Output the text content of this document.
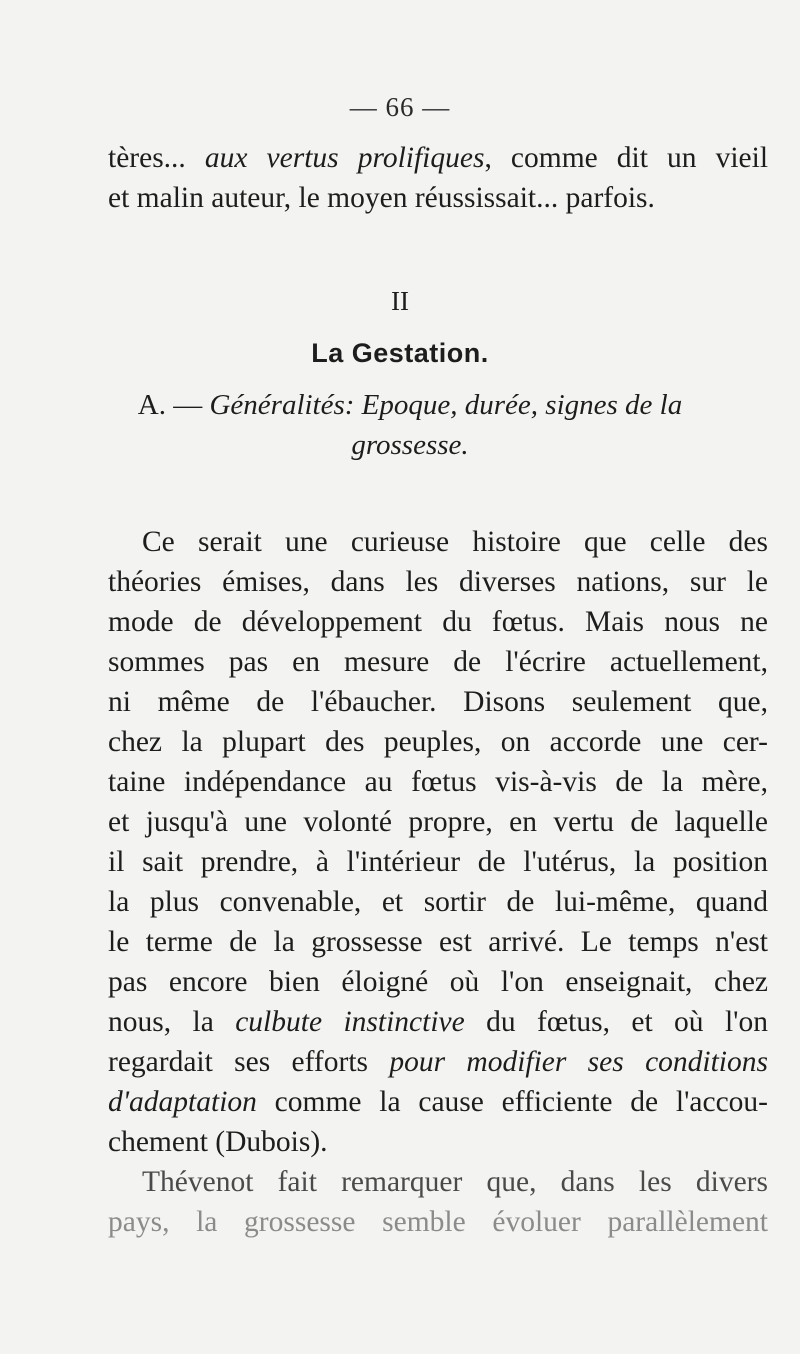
— 66 —
tères... aux vertus prolifiques, comme dit un vieil
et malin auteur, le moyen réussissait... parfois.
II
La Gestation.
A. — Généralités: Epoque, durée, signes de la
grossesse.
Ce serait une curieuse histoire que celle des
théories émises, dans les diverses nations, sur le
mode de développement du fœtus. Mais nous ne
sommes pas en mesure de l'écrire actuellement,
ni même de l'ébaucher. Disons seulement que,
chez la plupart des peuples, on accorde une cer-
taine indépendance au fœtus vis-à-vis de la mère,
et jusqu'à une volonté propre, en vertu de laquelle
il sait prendre, à l'intérieur de l'utérus, la position
la plus convenable, et sortir de lui-même, quand
le terme de la grossesse est arrivé. Le temps n'est
pas encore bien éloigné où l'on enseignait, chez
nous, la culbute instinctive du fœtus, et où l'on
regardait ses efforts pour modifier ses conditions
d'adaptation comme la cause efficiente de l'accou-
chement (Dubois).
Thévenot fait remarquer que, dans les divers
pays, la grossesse semble évoluer parallèlement
